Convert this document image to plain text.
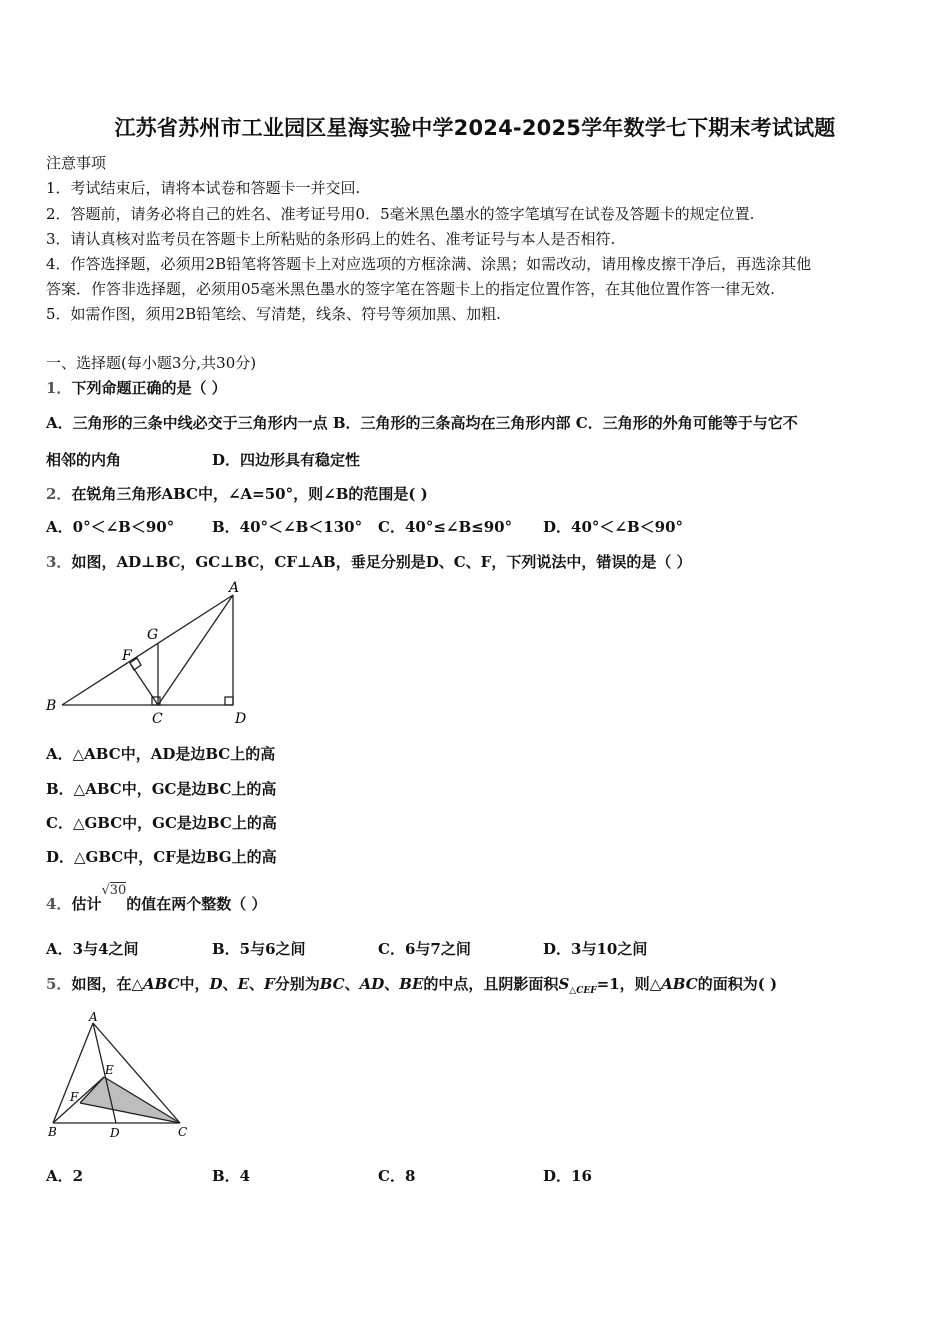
江苏省苏州市工业园区星海实验中学2024-2025学年数学七下期末考试试题
注意事项
1．考试结束后，请将本试卷和答题卡一并交回.
2．答题前，请务必将自己的姓名、准考证号用0．5毫米黑色墨水的签字笔填写在试卷及答题卡的规定位置.
3．请认真核对监考员在答题卡上所粘贴的条形码上的姓名、准考证号与本人是否相符.
4．作答选择题，必须用2B铅笔将答题卡上对应选项的方框涂满、涂黑；如需改动，请用橡皮擦干净后，再选涂其他
答案．作答非选择题，必须用05毫米黑色墨水的签字笔在答题卡上的指定位置作答，在其他位置作答一律无效.
5．如需作图，须用2B铅笔绘、写清楚，线条、符号等须加黑、加粗.
一、选择题(每小题3分,共30分)
1．下列命题正确的是（ ）
A．三角形的三条中线必交于三角形内一点 B．三角形的三条高均在三角形内部 C．三角形的外角可能等于与它不
相邻的内角	D．四边形具有稳定性
2．在锐角三角形ABC中，∠A=50°，则∠B的范围是( )
A．0°＜∠B＜90°	B．40°＜∠B＜130° C．40°≤∠B≤90° D．40°＜∠B＜90°
3．如图，AD⊥BC，GC⊥BC，CF⊥AB，垂足分别是D、C、F，下列说法中，错误的是（ ）
A
B
C	D
F
G
A．△ABC中，AD是边BC上的高
B．△ABC中，GC是边BC上的高
C．△GBC中，GC是边BC上的高
D．△GBC中，CF是边BG上的高
4．估计√30的值在两个整数（ ）
A．3与4之间	B．5与6之间	C．6与7之间	D．3与10之间
5．如图，在△ABC中，D、E、F分别为BC、AD、BE的中点，且阴影面积$S_{\triangle CEF}=1$，则△ABC的面积为( )
A
B	C
D
E
F
A．2	B．4	C．8	D．16
